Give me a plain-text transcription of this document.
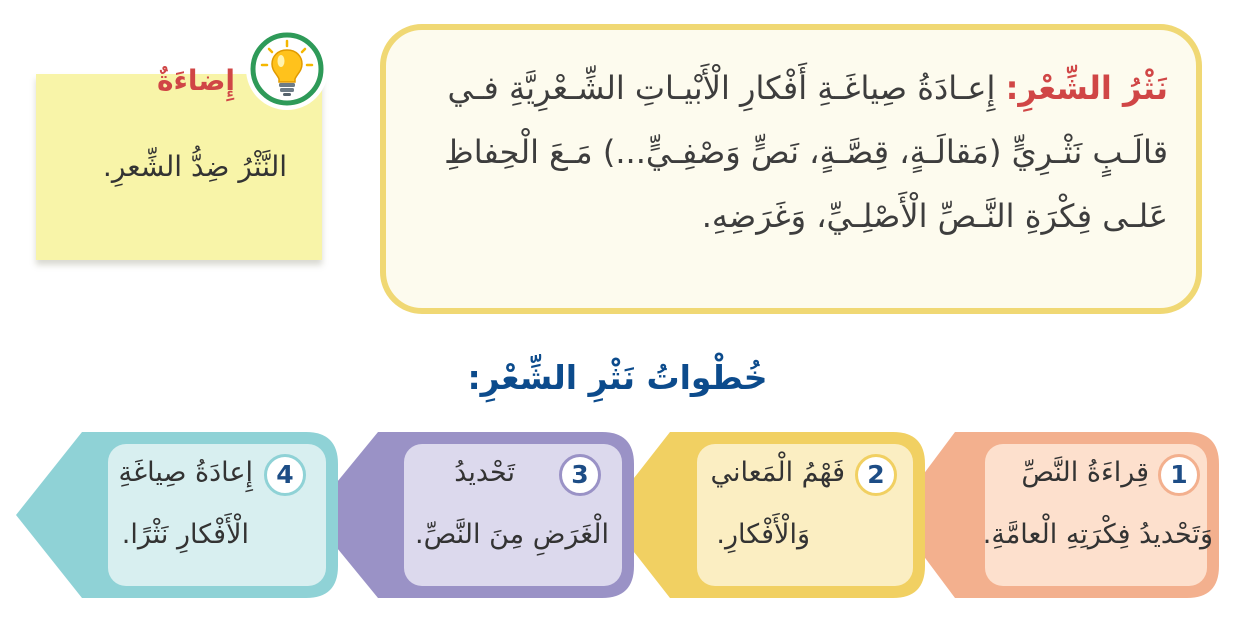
نَثْرُ الشِّعْرِ: إِعـادَةُ صِياغَـةِ أَفْكارِ الْأَبْيـاتِ الشِّـعْرِيَّةِ فـي قالَـبٍ نَثْـرِيٍّ (مَقالَـةٍ، قِصَّـةٍ، نَصٍّ وَصْفِـيٍّ...) مَـعَ الْحِفاظِ عَلـى فِكْرَةِ النَّـصِّ الْأَصْلِـيِّ، وَغَرَضِهِ.
إِضاءَةٌ
النَّثْرُ ضِدُّ الشِّعرِ.
خُطْواتُ نَثْرِ الشِّعْرِ:
1
قِراءَةُ النَّصِّ
وَتَحْديدُ فِكْرَتِهِ الْعامَّةِ.
2
فَهْمُ الْمَعاني
وَالْأَفْكارِ.
3
تَحْديدُ
الْغَرَضِ مِنَ النَّصِّ.
4
إِعادَةُ صِياغَةِ
الْأَفْكارِ نَثْرًا.
